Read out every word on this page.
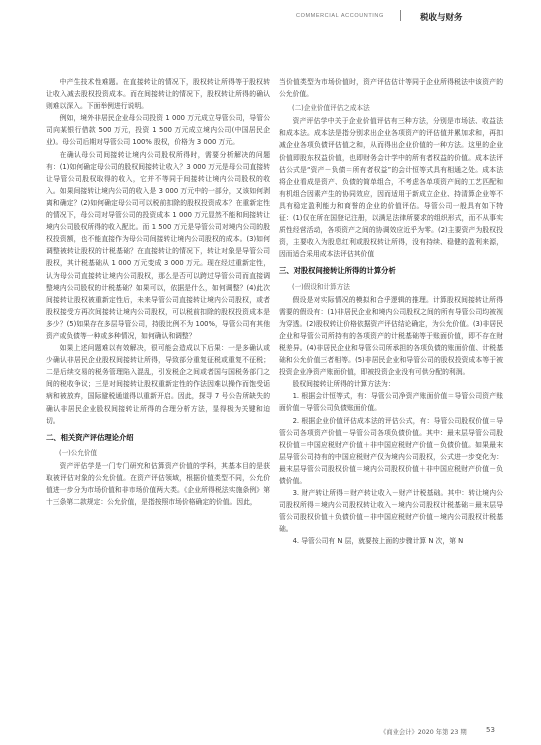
COMMERCIAL ACCOUNTING	税收与财务

中产生技术性难题。在直接转让的情况下，股权转让所得等于股权转让收入减去股权投资成本。而在间接转让的情况下，股权转让所得的确认则难以深入。下面举例进行说明。

例如，境外非居民企业母公司投资 1 000 万元成立导管公司，导管公司向某银行借款 500 万元，投资 1 500 万元成立境内公司(中国居民企业)。母公司后期对导管公司 100% 股权，价格为 3 000 万元。

在确认母公司间接转让境内公司股权所得时，需要分析解决的问题有：(1)如何确定母公司的股权间接转让收入？3 000 万元是母公司直接转让导管公司股权取得的收入，它并不等同于间接转让境内公司股权的收入。如果间接转让境内公司的收入是 3 000 万元中的一部分，又该如何剥离和确定？(2)如何确定母公司可以税前扣除的股权投资成本？在重新定性的情况下，母公司对导管公司的投资成本 1 000 万元显然不能和间接转让境内公司股权所得的收入配比。而 1 500 万元是导管公司对境内公司的股权投资额，也不能直接作为母公司间接转让境内公司股权的成本。(3)如何调整被转让股权的计税基础？在直接转让的情况下，转让对象是导管公司股权，其计税基础从 1 000 万元变成 3 000 万元。现在经过重新定性，认为母公司直接转让境内公司股权，那么是否可以跨过导管公司而直接调整境内公司股权的计税基础？如果可以，依据是什么，如何调整？(4)此次间接转让股权被重新定性后，未来导管公司直接转让境内公司股权，或者股权接受方再次间接转让境内公司股权，可以税前扣除的股权投资成本是多少？(5)如果存在多层导管公司，持股比例不为 100%，导管公司有其他资产或负债等一种或多种情况，如何确认和调整？

如果上述问题难以有效解决，很可能会造成以下后果：一是多确认或少确认非居民企业股权间接转让所得，导致部分重复征税或重复不征税；二是后续交易的税务管理陷入混乱，引发税企之间或者国与国税务部门之间的税收争议；三是对间接转让股权重新定性的作法因难以操作而饱受诟病和被放弃，国际避税通道得以重新开启。因此，探寻 7 号公告所缺失的确认非居民企业股权间接转让所得的合理分析方法，显得极为关键和迫切。

二、相关资产评估理论介绍
(一)公允价值

资产评估学是一门专门研究和估算资产价值的学科，其基本目的是获取被评估对象的公允价值。在资产评估领域，根据价值类型不同，公允价值进一步分为市场价值和非市场价值两大类。《企业所得税法实施条例》第十三条第二款规定：公允价值，是指按照市场价格确定的价值。因此，

当价值类型为市场价值时，资产评估估计等同于企业所得税法中该资产的公允价值。

(二)企业价值评估之成本法

资产评估学中关于企业价值评估有三种方法，分别是市场法、收益法和成本法。成本法是指分别求出企业各项资产的评估值并累加求和，再扣减企业各项负债评估值之和，从而得出企业价值的一种方法。这里的企业价值即股东权益价值，也即财务会计学中的所有者权益的价值。成本法评估公式是“资产－负债＝所有者权益”的会计恒等式具有相通之处。成本法将企业看成是资产、负债的简单组合，不考虑各单项资产间的工艺匹配和有机组合因素产生的协同效应，因而适用于新成立企业、持清算企业等不具有稳定盈利能力和商誉的企业的价值评估。导管公司一般具有如下特征：(1)仅在所在国登记注册，以满足法律所要求的组织形式，而不从事实质性经营活动，各项资产之间的协调效应近乎为零。(2)主要资产为股权投资，主要收入为股息红利或股权转让所得，没有持续、稳健的盈利来源，因而适合采用成本法评估其价值

三、对股权间接转让所得的计算分析
(一)假设和计算方法

假设是对实际情况的模拟和合乎逻辑的推理。计算股权间接转让所得需要的假设有：(1)非居民企业和境内公司股权之间的所有导管公司均被视为穿透。(2)股权转让价格依据资产评估结论确定，为公允价值。(3)非居民企业和导管公司所持有的各项资产的计税基础等于账面价值，即不存在财税差异。(4)非居民企业和导管公司所承担的各项负债的账面价值、计税基础和公允价值三者相等。(5)非居民企业和导管公司的股权投资成本等于被投资企业净资产账面价值，即被投资企业没有可供分配的利润。

股权间接转让所得的计算方法为：

1. 根据会计恒等式，有：导管公司净资产账面价值＝导管公司资产账面价值－导管公司负债账面价值。

2. 根据企业价值评估成本法的评估公式，有：导管公司股权价值＝导管公司各项资产价值－导管公司各项负债价值。其中：最末层导管公司股权价值＝中国应税财产价值＋非中国应税财产价值－负债价值。如果最末层导管公司持有的中国应税财产仅为境内公司股权，公式进一步变化为：最末层导管公司股权价值＝境内公司股权价值＋非中国应税财产价值－负债价值。

3. 财产转让所得＝财产转让收入－财产计税基础。其中：转让境内公司股权所得＝境内公司股权转让收入－境内公司股权计税基础＝最末层导管公司股权价值＋负债价值－非中国应税财产价值－境内公司股权计税基础。

4. 导管公司有 N 层，就要按上面的步骤计算 N 次，第 N

《商业会计》2020 年第 23 期	53
